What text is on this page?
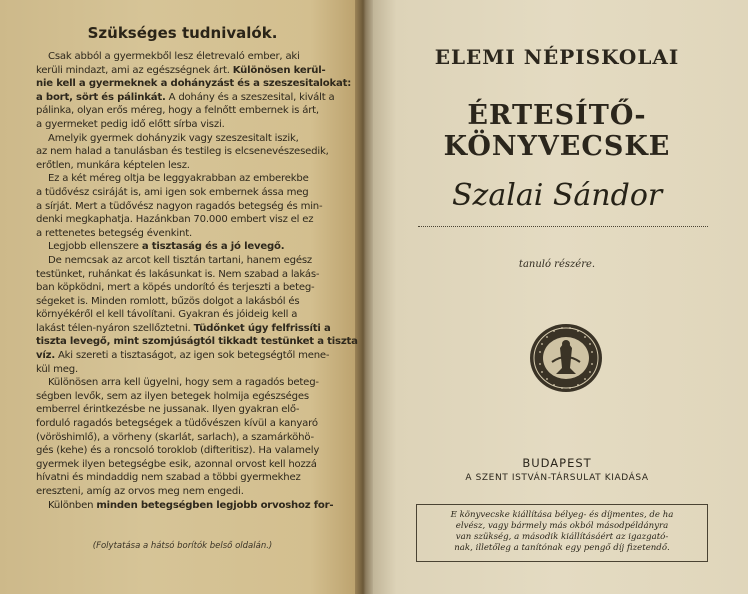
Szükséges tudnivalók.
Csak abból a gyermekből lesz életrevaló ember, aki
kerüli mindazt, ami az egészségnek árt. Különösen kerül-
nie kell a gyermeknek a dohányzást és a szeszesitalokat:
a bort, sört és pálinkát. A dohány és a szeszesital, kivált a
pálinka, olyan erős méreg, hogy a felnőtt embernek is árt,
a gyermeket pedig idő előtt sírba viszi.
Amelyik gyermek dohányzik vagy szeszesitalt iszik,
az nem halad a tanulásban és testileg is elcsenevészesedik,
erőtlen, munkára képtelen lesz.
Ez a két méreg oltja be leggyakrabban az emberekbe
a tüdővész csiráját is, ami igen sok embernek ássa meg
a sírját. Mert a tüdővész nagyon ragadós betegség és min-
denki megkaphatja. Hazánkban 70.000 embert visz el ez
a rettenetes betegség évenkint.
Legjobb ellenszere a tisztaság és a jó levegő.
De nemcsak az arcot kell tisztán tartani, hanem egész
testünket, ruhánkat és lakásunkat is. Nem szabad a lakás-
ban köpködni, mert a köpés undorító és terjeszti a beteg-
ségeket is. Minden romlott, bűzös dolgot a lakásból és
környékéről el kell távolítani. Gyakran és jóideig kell a
lakást télen-nyáron szellőztetni. Tüdőnket úgy felfrissíti a
tiszta levegő, mint szomjúságtól tikkadt testünket a tiszta
víz. Aki szereti a tisztaságot, az igen sok betegségtől mene-
kül meg.
Különösen arra kell ügyelni, hogy sem a ragadós beteg-
ségben levők, sem az ilyen betegek holmija egészséges
emberrel érintkezésbe ne jussanak. Ilyen gyakran elő-
forduló ragadós betegségek a tüdővészen kívül a kanyaró
(vöröshimlő), a vörheny (skarlát, sarlach), a szamárköhö-
gés (kehe) és a roncsoló toroklob (difteritisz). Ha valamely
gyermek ilyen betegségbe esik, azonnal orvost kell hozzá
hívatni és mindaddig nem szabad a többi gyermekhez
ereszteni, amíg az orvos meg nem engedi.
Különben minden betegségben legjobb orvoshoz for-
(Folytatása a hátsó borítók belső oldalán.)
ELEMI NÉPISKOLAI
ÉRTESÍTŐ-KÖNYVECSKE
Szalai Sándor
tanuló részére.
BUDAPEST
A SZENT ISTVÁN-TÁRSULAT KIADÁSA
E könyvecske kiállítása bélyeg- és díjmentes, de ha
elvész, vagy bármely más okból másodpéldányra
van szükség, a második kiállításáért az igazgató-
nak, illetőleg a tanítónak egy pengő díj fizetendő.
